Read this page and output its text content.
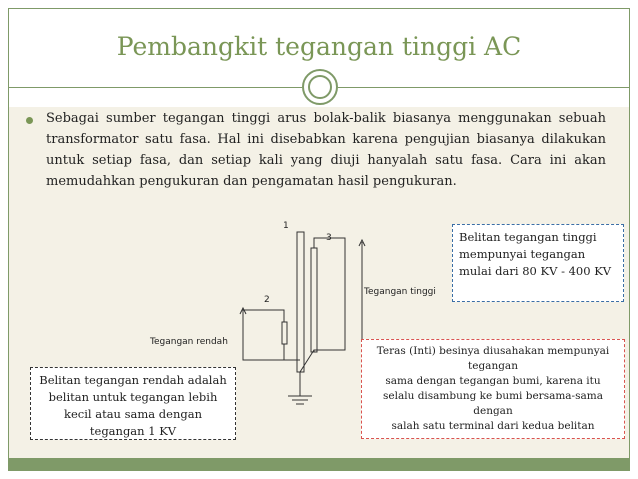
Pembangkit tegangan tinggi AC
Sebagai sumber tegangan tinggi arus bolak-balik biasanya menggunakan sebuah transformator satu fasa. Hal ini disebabkan karena pengujian biasanya dilakukan untuk setiap fasa, dan setiap kali yang diuji hanyalah satu fasa. Cara ini akan memudahkan pengukuran dan pengamatan hasil pengukuran.
1
2
3
Tegangan rendah
Tegangan tinggi
Belitan tegangan tinggi mempunyai tegangan mulai dari 80 KV - 400 KV
Belitan tegangan rendah adalah
belitan untuk tegangan lebih
kecil atau sama dengan
tegangan 1 KV
Teras (Inti) besinya diusahakan mempunyai
tegangan
sama dengan tegangan bumi, karena itu
selalu disambung ke bumi bersama-sama
dengan
salah satu terminal dari kedua belitan
